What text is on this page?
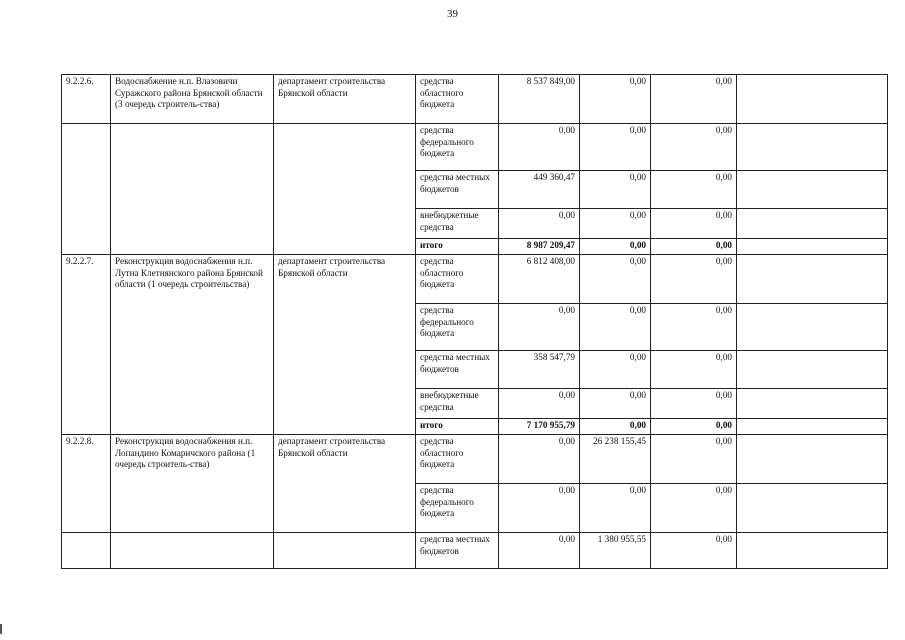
39
9.2.2.6.	Водоснабжение н.п. Влазовичи Суражского района Брянской области (3 очередь строитель-ства)	департамент строительства Брянской области	средства областного бюджета	8 537 849,00	0,00	0,00	
			средства федерального бюджета	0,00	0,00	0,00	
			средства местных бюджетов	449 360,47	0,00	0,00	
			внебюджетные средства	0,00	0,00	0,00	
			итого	8 987 209,47	0,00	0,00	
9.2.2.7.	Реконструкция водоснабжения н.п. Лутна Клетнянского района Брянской области (1 очередь строительства)	департамент строительства Брянской области	средства областного бюджета	6 812 408,00	0,00	0,00	
			средства федерального бюджета	0,00	0,00	0,00	
			средства местных бюджетов	358 547,79	0,00	0,00	
			внебюджетные средства	0,00	0,00	0,00	
			итого	7 170 955,79	0,00	0,00	
9.2.2.8.	Реконструкция водоснабжения н.п. Лопандино Комаричского района (1 очередь строитель-ства)	департамент строительства Брянской области	средства областного бюджета	0,00	26 238 155,45	0,00	
			средства федерального бюджета	0,00	0,00	0,00	
			средства местных бюджетов	0,00	1 380 955,55	0,00	
